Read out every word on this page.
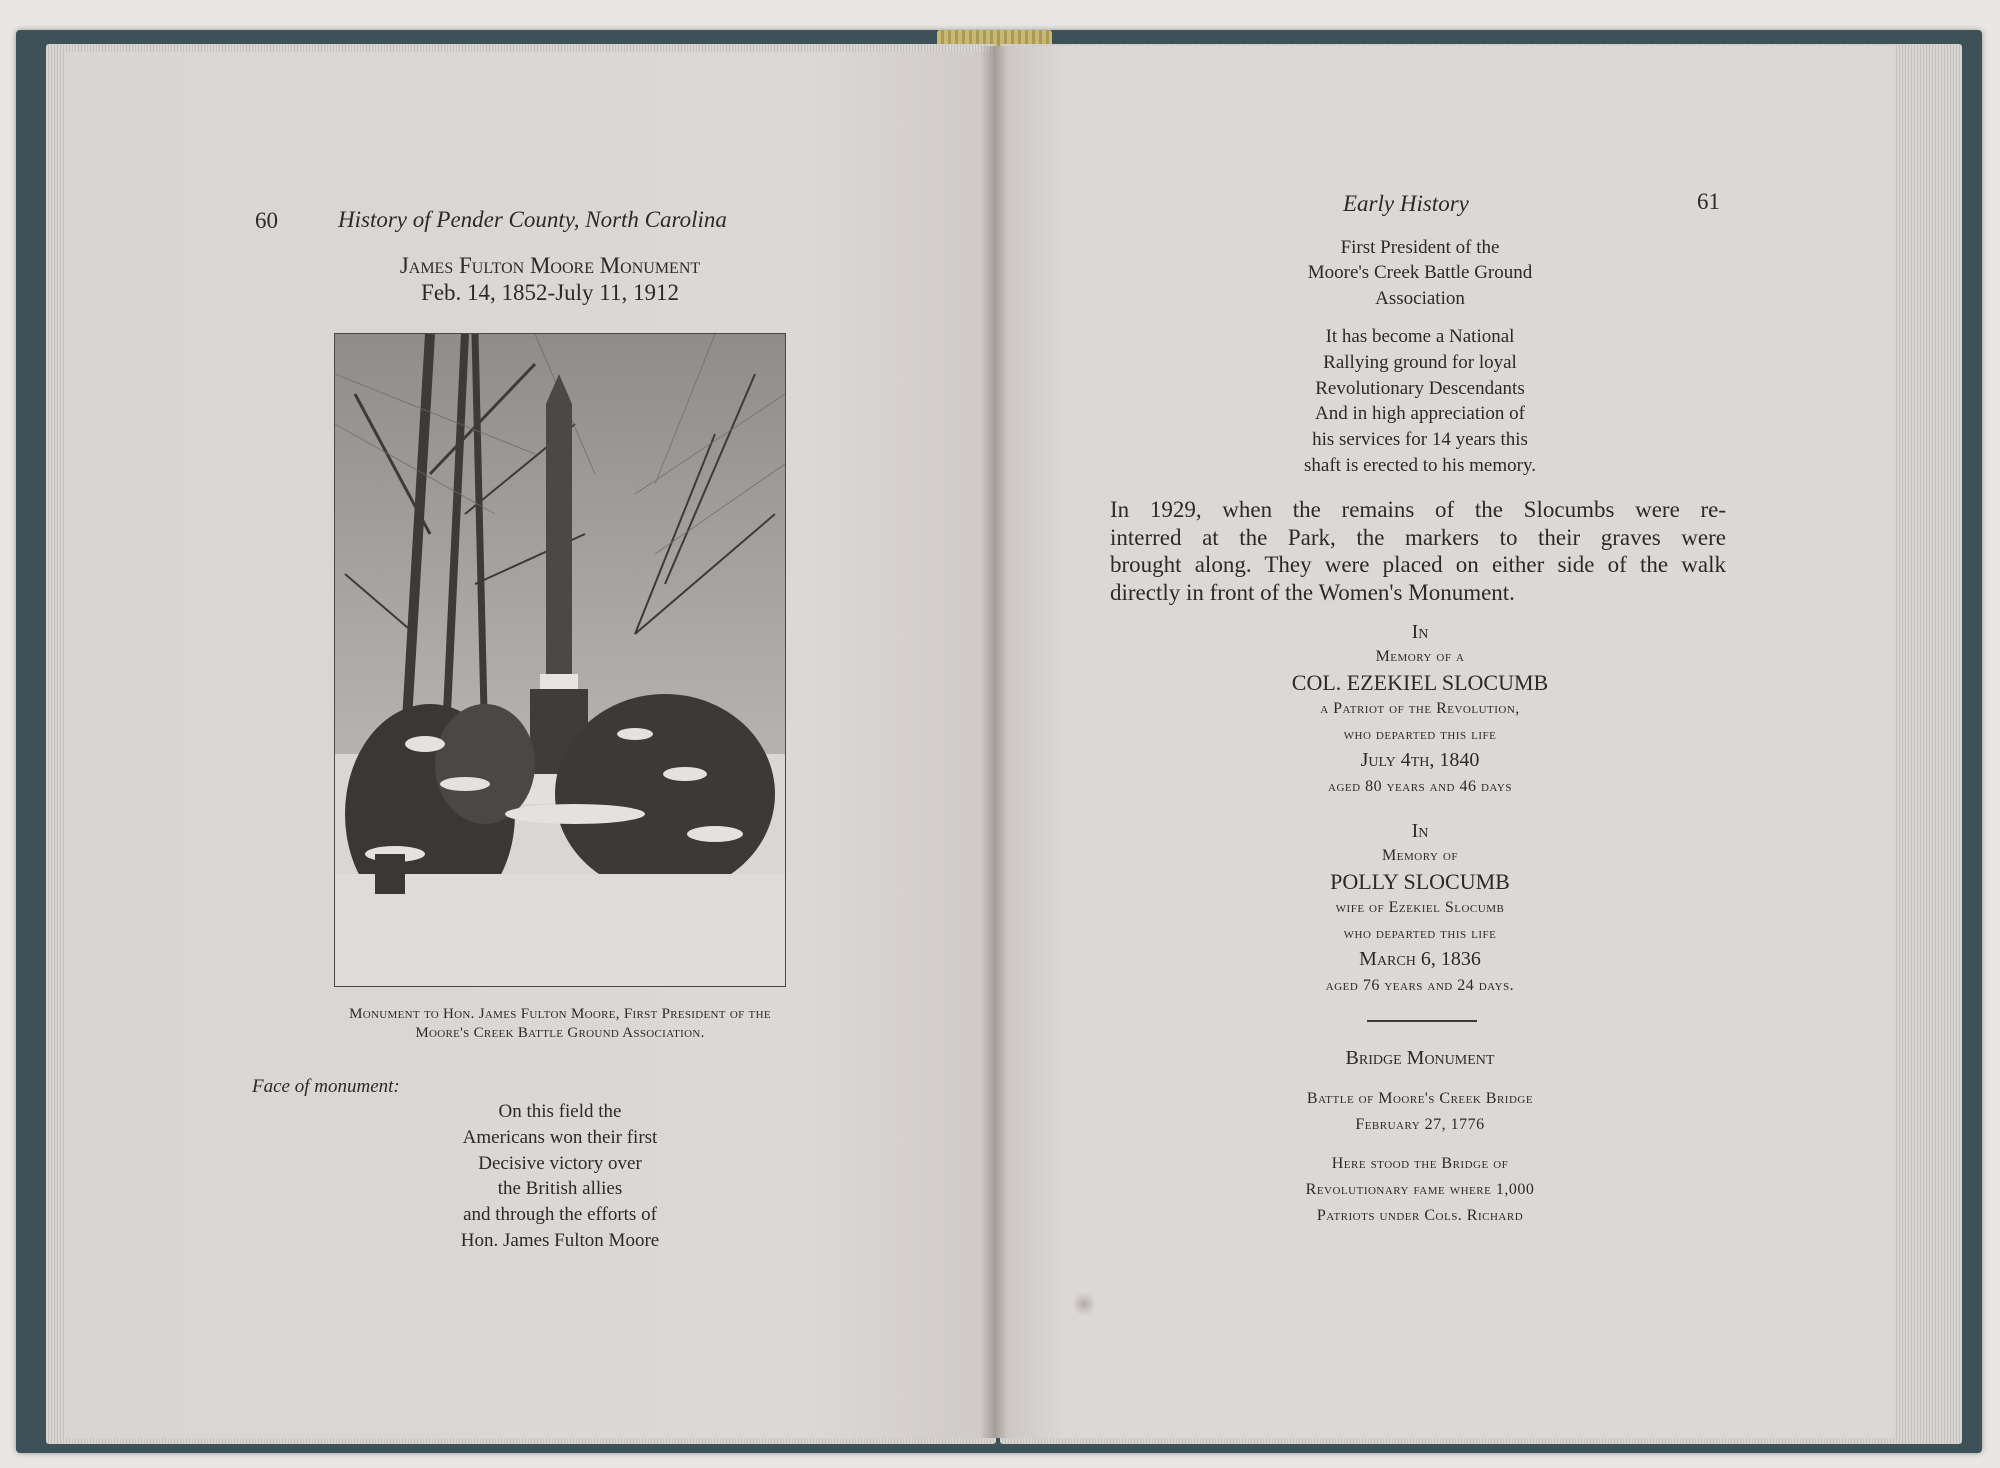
60	History of Pender County, North Carolina
James Fulton Moore Monument
Feb. 14, 1852-July 11, 1912
Monument to Hon. James Fulton Moore, First President of the
Moore's Creek Battle Ground Association.
Face of monument:
On this field the
Americans won their first
Decisive victory over
the British allies
and through the efforts of
Hon. James Fulton Moore
Early History	61
First President of the
Moore's Creek Battle Ground
Association
It has become a National
Rallying ground for loyal
Revolutionary Descendants
And in high appreciation of
his services for 14 years this
shaft is erected to his memory.
In 1929, when the remains of the Slocumbs were re-
interred at the Park, the markers to their graves were
brought along. They were placed on either side of the walk
directly in front of the Women's Monument.
In
Memory of a
COL. EZEKIEL SLOCUMB
a Patriot of the Revolution,
who departed this life
July 4th, 1840
aged 80 years and 46 days
In
Memory of
POLLY SLOCUMB
wife of Ezekiel Slocumb
who departed this life
March 6, 1836
aged 76 years and 24 days.
Bridge Monument
Battle of Moore's Creek Bridge
February 27, 1776
Here stood the Bridge of
Revolutionary fame where 1,000
Patriots under Cols. Richard
